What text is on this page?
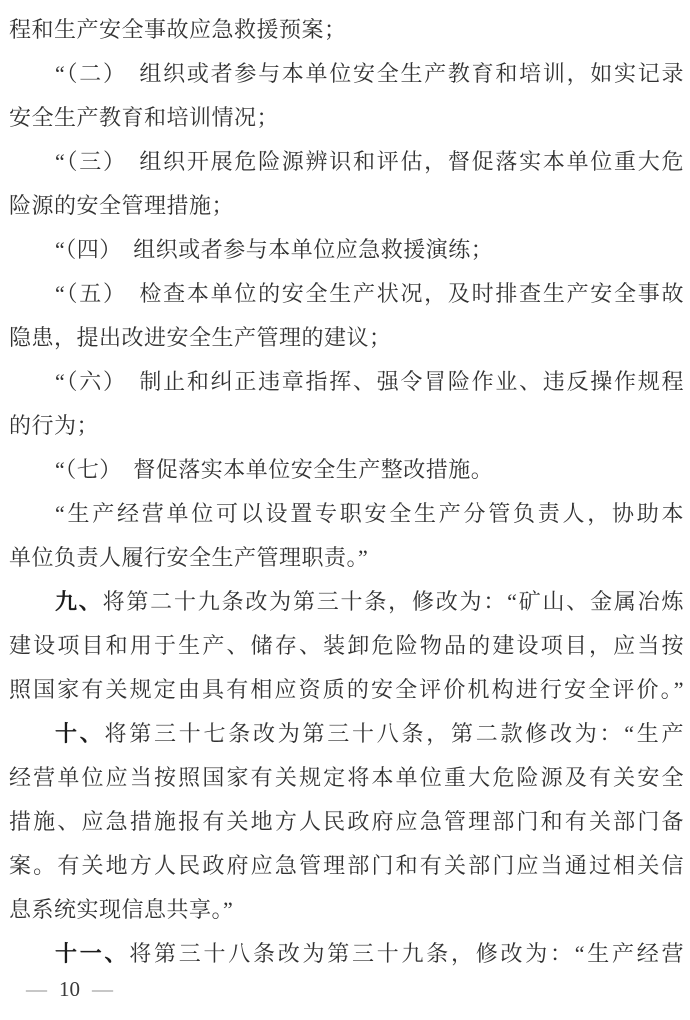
程和生产安全事故应急救援预案；
“（二）　组织或者参与本单位安全生产教育和培训，如实记录
安全生产教育和培训情况；
“（三）　组织开展危险源辨识和评估，督促落实本单位重大危
险源的安全管理措施；
“（四）　组织或者参与本单位应急救援演练；
“（五）　检查本单位的安全生产状况，及时排查生产安全事故
隐患，提出改进安全生产管理的建议；
“（六）　制止和纠正违章指挥、强令冒险作业、违反操作规程
的行为；
“（七）　督促落实本单位安全生产整改措施。
“生产经营单位可以设置专职安全生产分管负责人，协助本
单位负责人履行安全生产管理职责。”
九、将第二十九条改为第三十条，修改为：“矿山、金属冶炼
建设项目和用于生产、储存、装卸危险物品的建设项目，应当按
照国家有关规定由具有相应资质的安全评价机构进行安全评价。”
十、将第三十七条改为第三十八条，第二款修改为：“生产
经营单位应当按照国家有关规定将本单位重大危险源及有关安全
措施、应急措施报有关地方人民政府应急管理部门和有关部门备
案。有关地方人民政府应急管理部门和有关部门应当通过相关信
息系统实现信息共享。”
十一、将第三十八条改为第三十九条，修改为：“生产经营
— 10 —
